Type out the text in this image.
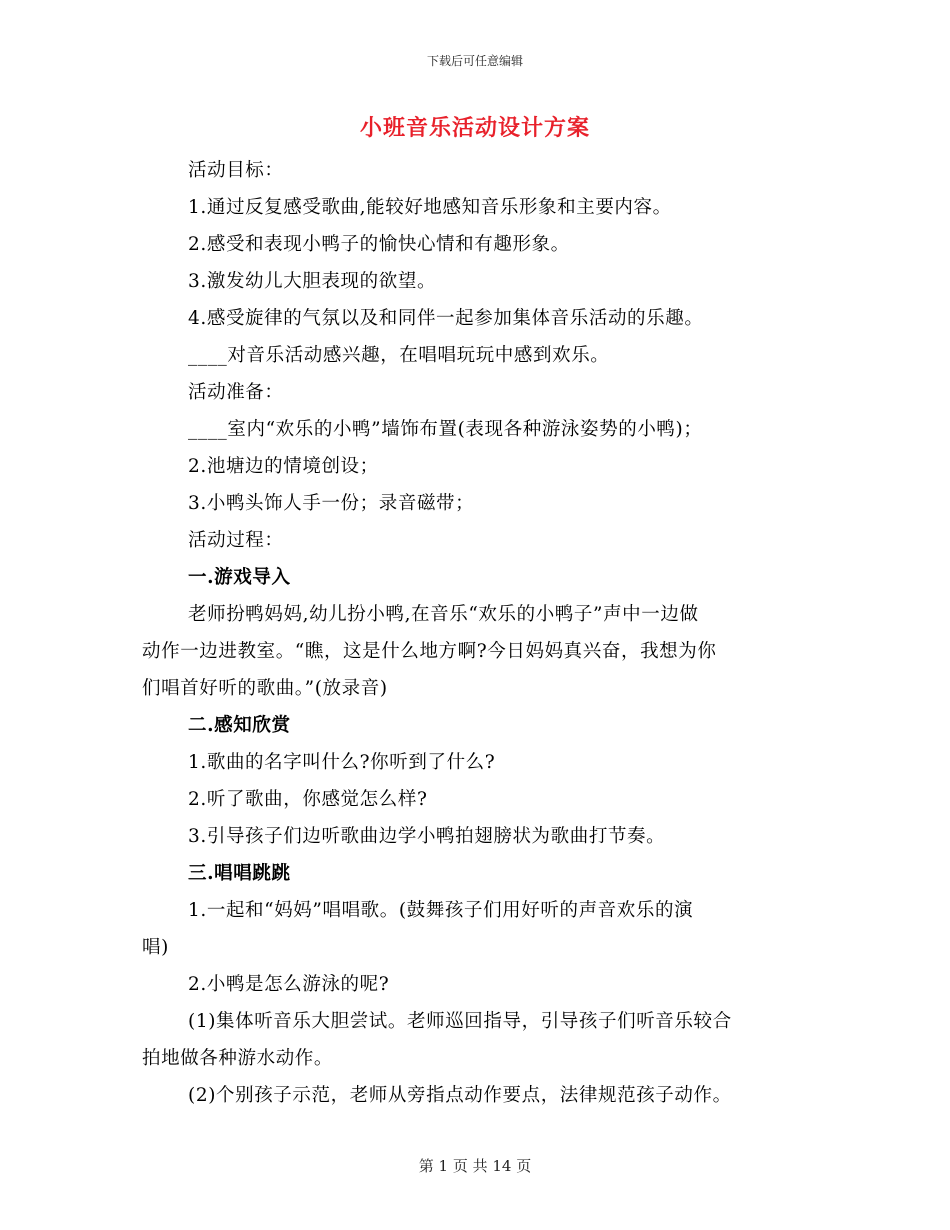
下载后可任意编辑
小班音乐活动设计方案
活动目标：
1.通过反复感受歌曲,能较好地感知音乐形象和主要内容。
2.感受和表现小鸭子的愉快心情和有趣形象。
3.激发幼儿大胆表现的欲望。
4.感受旋律的气氛以及和同伴一起参加集体音乐活动的乐趣。
____对音乐活动感兴趣，在唱唱玩玩中感到欢乐。
活动准备：
____室内“欢乐的小鸭”墙饰布置(表现各种游泳姿势的小鸭)；
2.池塘边的情境创设；
3.小鸭头饰人手一份；录音磁带；
活动过程：
一.游戏导入
老师扮鸭妈妈,幼儿扮小鸭,在音乐“欢乐的小鸭子”声中一边做
动作一边进教室。“瞧，这是什么地方啊?今日妈妈真兴奋，我想为你
们唱首好听的歌曲。”(放录音)
二.感知欣赏
1.歌曲的名字叫什么?你听到了什么?
2.听了歌曲，你感觉怎么样?
3.引导孩子们边听歌曲边学小鸭拍翅膀状为歌曲打节奏。
三.唱唱跳跳
1.一起和“妈妈”唱唱歌。(鼓舞孩子们用好听的声音欢乐的演
唱)
2.小鸭是怎么游泳的呢?
(1)集体听音乐大胆尝试。老师巡回指导，引导孩子们听音乐较合
拍地做各种游水动作。
(2)个别孩子示范，老师从旁指点动作要点，法律规范孩子动作。
第 1 页 共 14 页
